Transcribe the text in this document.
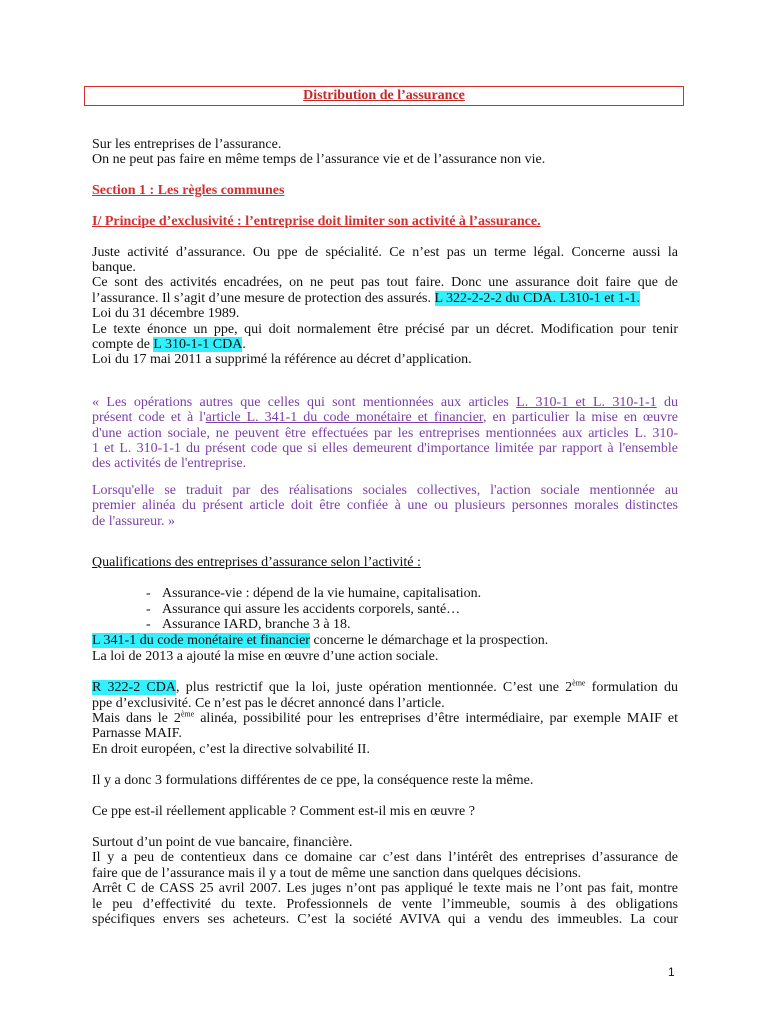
Distribution de l’assurance
Sur les entreprises de l’assurance.
On ne peut pas faire en même temps de l’assurance vie et de l’assurance non vie.
Section 1 : Les règles communes
I/ Principe d’exclusivité : l’entreprise doit limiter son activité à l’assurance.
Juste activité d’assurance. Ou ppe de spécialité. Ce n’est pas un terme légal. Concerne aussi la
banque.
Ce sont des activités encadrées, on ne peut pas tout faire. Donc une assurance doit faire que de
l’assurance. Il s’agit d’une mesure de protection des assurés. L 322-2-2-2 du CDA. L310-1 et 1-1.
Loi du 31 décembre 1989.
Le texte énonce un ppe, qui doit normalement être précisé par un décret. Modification pour tenir
compte de L 310-1-1 CDA.
Loi du 17 mai 2011 a supprimé la référence au décret d’application.
« Les opérations autres que celles qui sont mentionnées aux articles L. 310-1 et L. 310-1-1 du
présent code et à l'article L. 341-1 du code monétaire et financier, en particulier la mise en œuvre
d'une action sociale, ne peuvent être effectuées par les entreprises mentionnées aux articles L. 310-
1 et L. 310-1-1 du présent code que si elles demeurent d'importance limitée par rapport à l'ensemble
des activités de l'entreprise.
Lorsqu'elle se traduit par des réalisations sociales collectives, l'action sociale mentionnée au
premier alinéa du présent article doit être confiée à une ou plusieurs personnes morales distinctes
de l'assureur. »
Qualifications des entreprises d’assurance selon l’activité :
- Assurance-vie : dépend de la vie humaine, capitalisation.
- Assurance qui assure les accidents corporels, santé…
- Assurance IARD, branche 3 à 18.
L 341-1 du code monétaire et financier concerne le démarchage et la prospection.
La loi de 2013 a ajouté la mise en œuvre d’une action sociale.
R 322-2 CDA, plus restrictif que la loi, juste opération mentionnée. C’est une 2ème formulation du
ppe d’exclusivité. Ce n’est pas le décret annoncé dans l’article.
Mais dans le 2ème alinéa, possibilité pour les entreprises d’être intermédiaire, par exemple MAIF et
Parnasse MAIF.
En droit européen, c’est la directive solvabilité II.
Il y a donc 3 formulations différentes de ce ppe, la conséquence reste la même.
Ce ppe est-il réellement applicable ? Comment est-il mis en œuvre ?
Surtout d’un point de vue bancaire, financière.
Il y a peu de contentieux dans ce domaine car c’est dans l’intérêt des entreprises d’assurance de
faire que de l’assurance mais il y a tout de même une sanction dans quelques décisions.
Arrêt C de CASS 25 avril 2007. Les juges n’ont pas appliqué le texte mais ne l’ont pas fait, montre
le peu d’effectivité du texte. Professionnels de vente l’immeuble, soumis à des obligations
spécifiques envers ses acheteurs. C’est la société AVIVA qui a vendu des immeubles. La cour
1
